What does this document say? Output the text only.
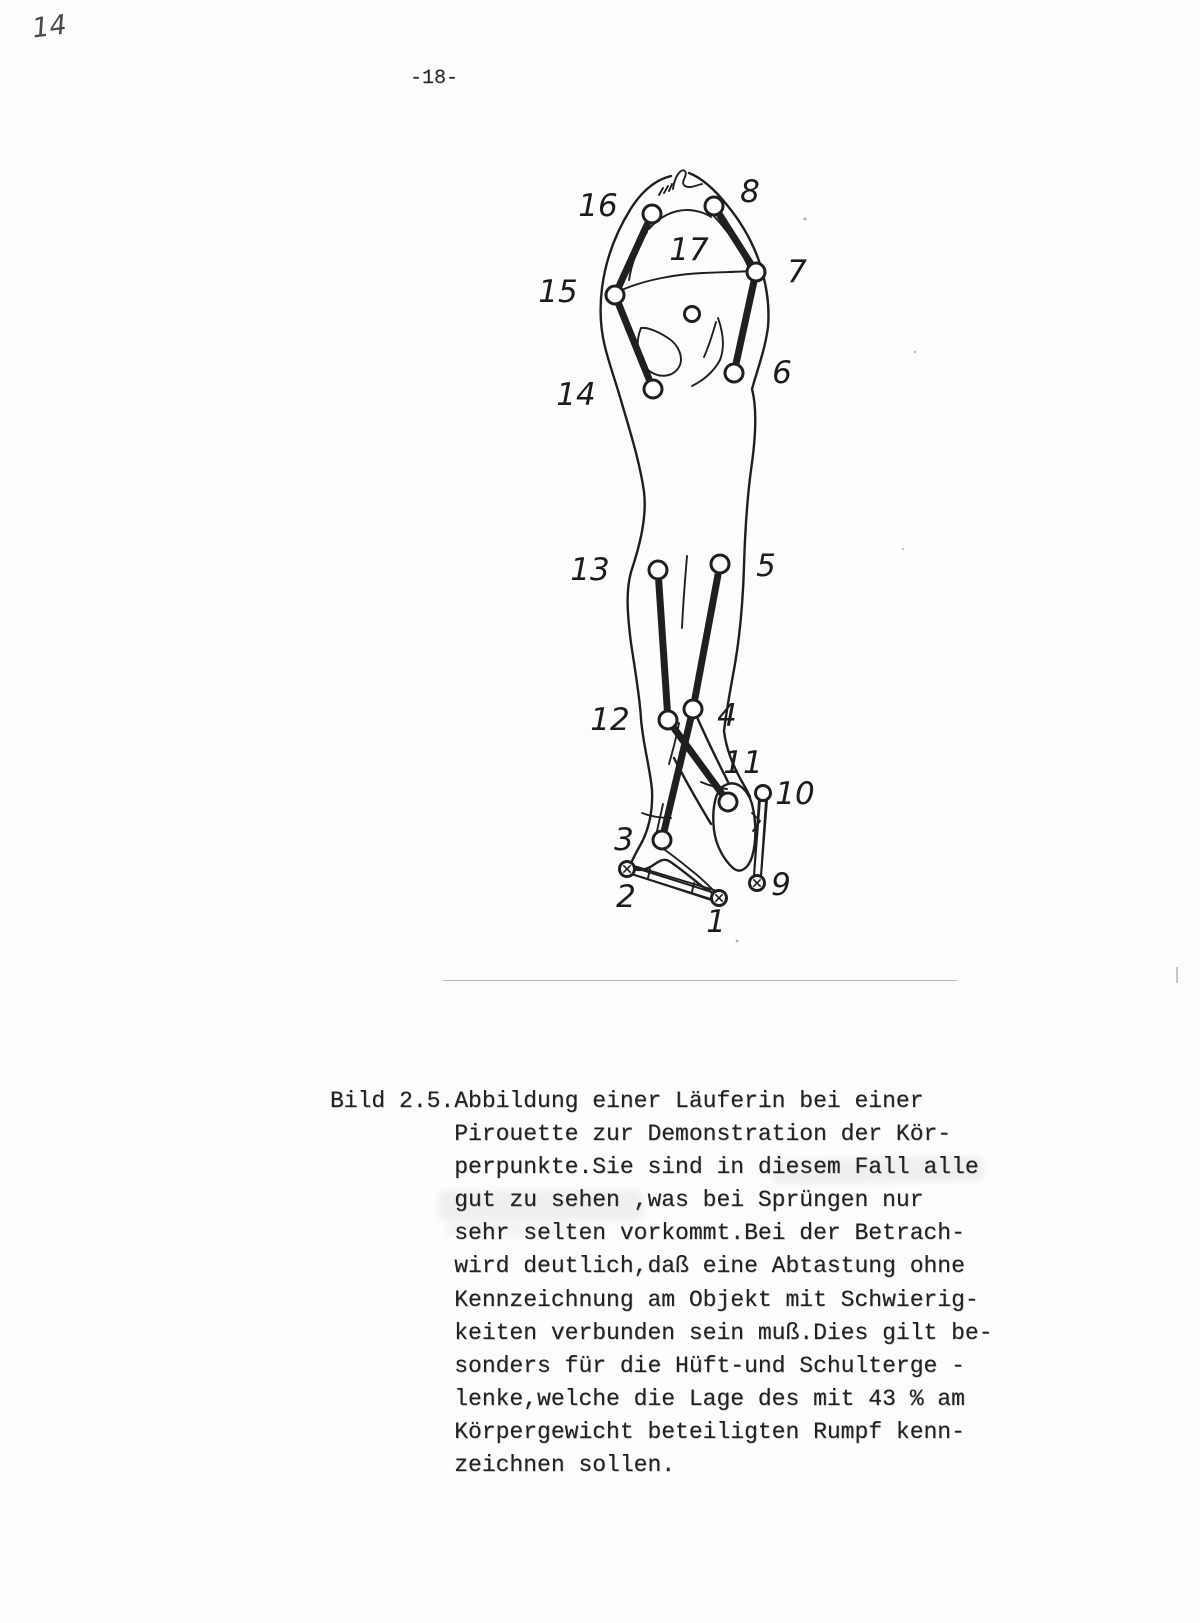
-18-
14
1
2
3
4
5
6
7
8
9
10
11
12
13
14
15
16
17
Bild 2.5.Abbildung einer Läuferin bei einer
Pirouette zur Demonstration der Kör-
perpunkte.Sie sind in diesem Fall alle
gut zu sehen ,was bei Sprüngen nur
sehr selten vorkommt.Bei der Betrach-
wird deutlich,daß eine Abtastung ohne
Kennzeichnung am Objekt mit Schwierig-
keiten verbunden sein muß.Dies gilt be-
sonders für die Hüft-und Schulterge -
lenke,welche die Lage des mit 43 % am
Körpergewicht beteiligten Rumpf kenn-
zeichnen sollen.
